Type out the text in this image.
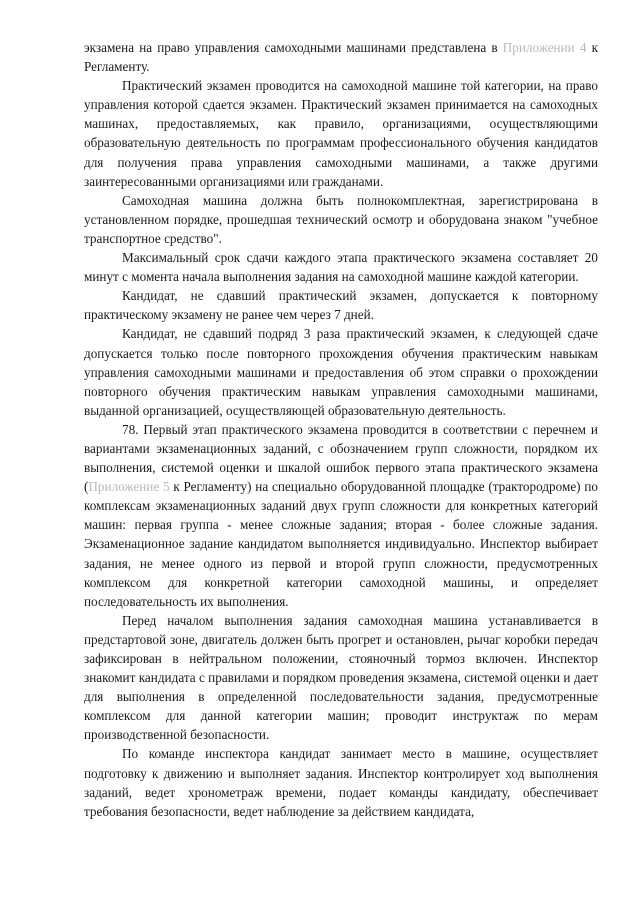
экзамена на право управления самоходными машинами представлена в Приложении 4 к Регламенту.

Практический экзамен проводится на самоходной машине той категории, на право управления которой сдается экзамен. Практический экзамен принимается на самоходных машинах, предоставляемых, как правило, организациями, осуществляющими образовательную деятельность по программам профессионального обучения кандидатов для получения права управления самоходными машинами, а также другими заинтересованными организациями или гражданами.

Самоходная машина должна быть полнокомплектная, зарегистрирована в установленном порядке, прошедшая технический осмотр и оборудована знаком "учебное транспортное средство".

Максимальный срок сдачи каждого этапа практического экзамена составляет 20 минут с момента начала выполнения задания на самоходной машине каждой категории.

Кандидат, не сдавший практический экзамен, допускается к повторному практическому экзамену не ранее чем через 7 дней.

Кандидат, не сдавший подряд 3 раза практический экзамен, к следующей сдаче допускается только после повторного прохождения обучения практическим навыкам управления самоходными машинами и предоставления об этом справки о прохождении повторного обучения практическим навыкам управления самоходными машинами, выданной организацией, осуществляющей образовательную деятельность.

78. Первый этап практического экзамена проводится в соответствии с перечнем и вариантами экзаменационных заданий, с обозначением групп сложности, порядком их выполнения, системой оценки и шкалой ошибок первого этапа практического экзамена (Приложение 5 к Регламенту) на специально оборудованной площадке (трактородроме) по комплексам экзаменационных заданий двух групп сложности для конкретных категорий машин: первая группа - менее сложные задания; вторая - более сложные задания. Экзаменационное задание кандидатом выполняется индивидуально. Инспектор выбирает задания, не менее одного из первой и второй групп сложности, предусмотренных комплексом для конкретной категории самоходной машины, и определяет последовательность их выполнения.

Перед началом выполнения задания самоходная машина устанавливается в предстартовой зоне, двигатель должен быть прогрет и остановлен, рычаг коробки передач зафиксирован в нейтральном положении, стояночный тормоз включен. Инспектор знакомит кандидата с правилами и порядком проведения экзамена, системой оценки и дает для выполнения в определенной последовательности задания, предусмотренные комплексом для данной категории машин; проводит инструктаж по мерам производственной безопасности.

По команде инспектора кандидат занимает место в машине, осуществляет подготовку к движению и выполняет задания. Инспектор контролирует ход выполнения заданий, ведет хронометраж времени, подает команды кандидату, обеспечивает требования безопасности, ведет наблюдение за действием кандидата,
